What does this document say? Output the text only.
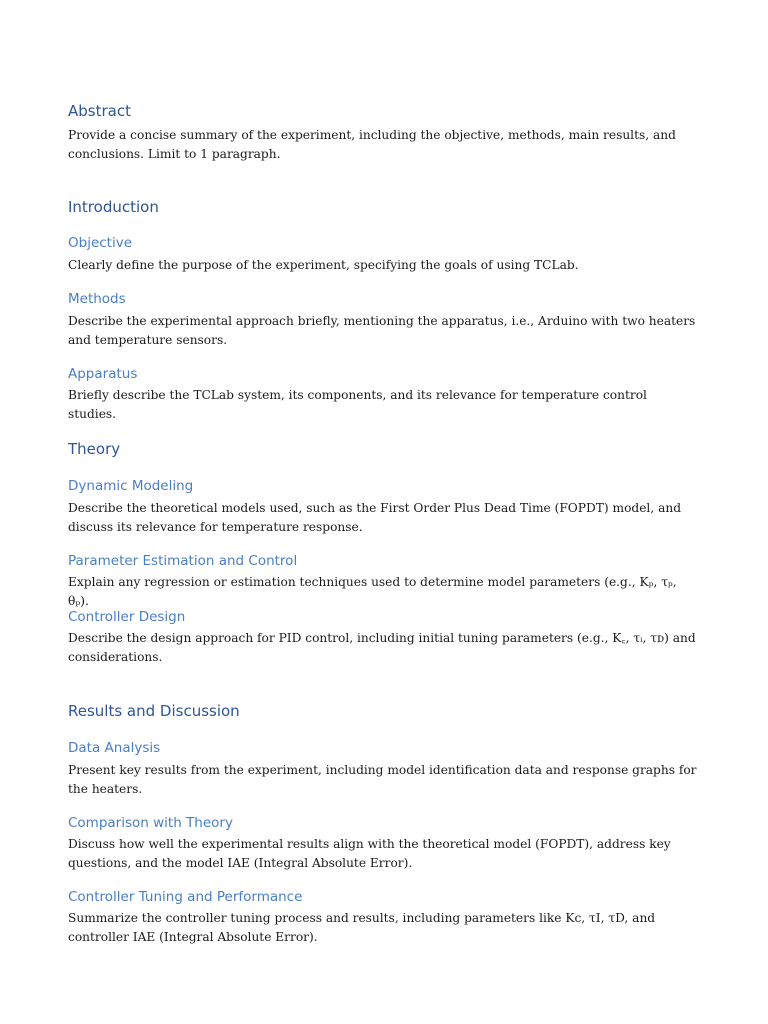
Abstract

Provide a concise summary of the experiment, including the objective, methods, main results, and conclusions. Limit to 1 paragraph.

Introduction
Objective

Clearly define the purpose of the experiment, specifying the goals of using TCLab.

Methods

Describe the experimental approach briefly, mentioning the apparatus, i.e., Arduino with two heaters and temperature sensors.

Apparatus

Briefly describe the TCLab system, its components, and its relevance for temperature control studies.

Theory
Dynamic Modeling

Describe the theoretical models used, such as the First Order Plus Dead Time (FOPDT) model, and discuss its relevance for temperature response.

Parameter Estimation and Control

Explain any regression or estimation techniques used to determine model parameters (e.g., Kₚ, τₚ, θₚ).

Controller Design

Describe the design approach for PID control, including initial tuning parameters (e.g., K꜀, τᵢ, τᴅ) and considerations.

Results and Discussion
Data Analysis

Present key results from the experiment, including model identification data and response graphs for the heaters.

Comparison with Theory

Discuss how well the experimental results align with the theoretical model (FOPDT), address key questions, and the model IAE (Integral Absolute Error).

Controller Tuning and Performance

Summarize the controller tuning process and results, including parameters like Kc, τI, τD, and controller IAE (Integral Absolute Error).
